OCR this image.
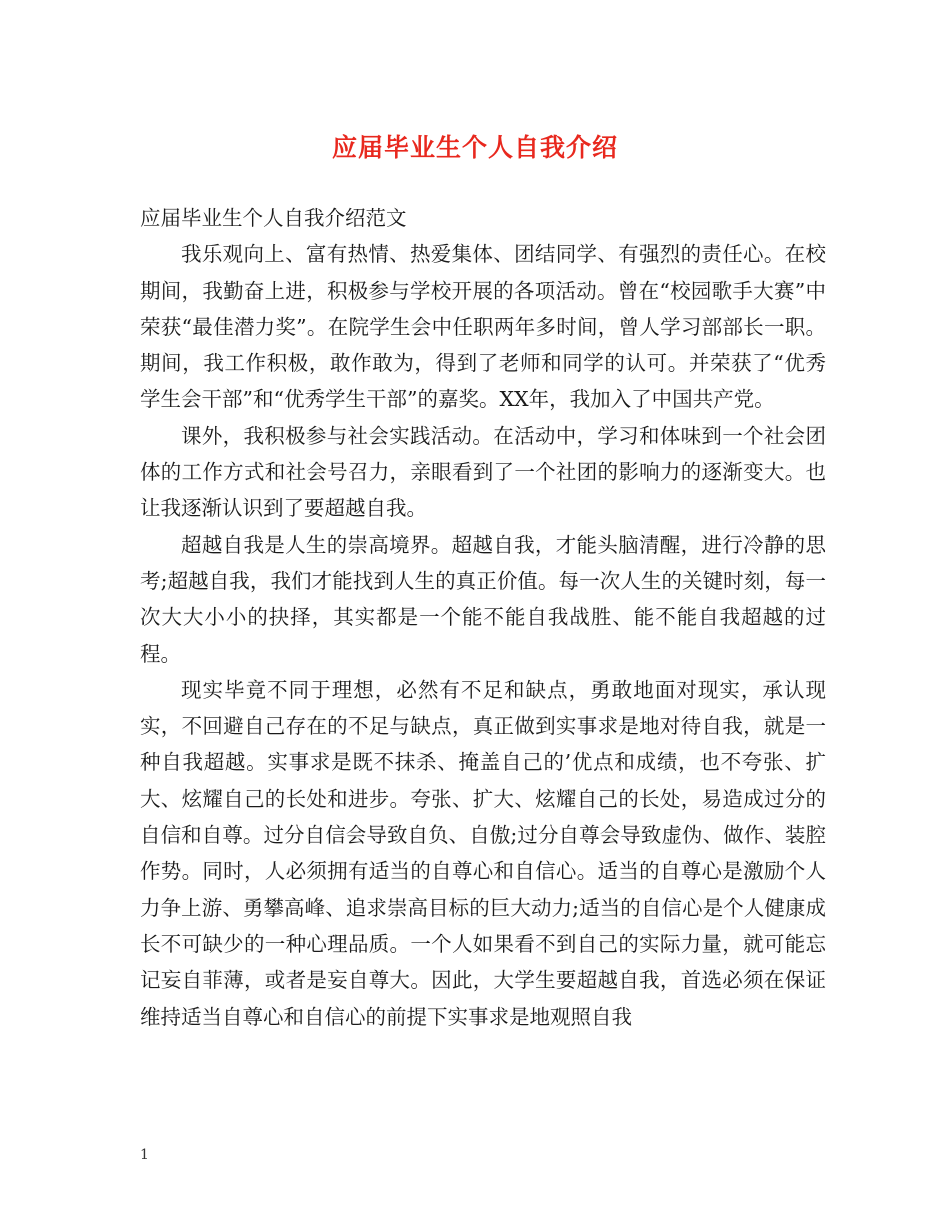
应届毕业生个人自我介绍

应届毕业生个人自我介绍范文

我乐观向上、富有热情、热爱集体、团结同学、有强烈的责任心。在校期间，我勤奋上进，积极参与学校开展的各项活动。曾在“校园歌手大赛”中荣获“最佳潜力奖”。在院学生会中任职两年多时间，曾人学习部部长一职。期间，我工作积极，敢作敢为，得到了老师和同学的认可。并荣获了“优秀学生会干部”和“优秀学生干部”的嘉奖。XX年，我加入了中国共产党。

课外，我积极参与社会实践活动。在活动中，学习和体味到一个社会团体的工作方式和社会号召力，亲眼看到了一个社团的影响力的逐渐变大。也让我逐渐认识到了要超越自我。

超越自我是人生的崇高境界。超越自我，才能头脑清醒，进行冷静的思考;超越自我，我们才能找到人生的真正价值。每一次人生的关键时刻，每一次大大小小的抉择，其实都是一个能不能自我战胜、能不能自我超越的过程。

现实毕竟不同于理想，必然有不足和缺点，勇敢地面对现实，承认现实，不回避自己存在的不足与缺点，真正做到实事求是地对待自我，就是一种自我超越。实事求是既不抹杀、掩盖自己的’优点和成绩，也不夸张、扩大、炫耀自己的长处和进步。夸张、扩大、炫耀自己的长处，易造成过分的自信和自尊。过分自信会导致自负、自傲;过分自尊会导致虚伪、做作、装腔作势。同时，人必须拥有适当的自尊心和自信心。适当的自尊心是激励个人力争上游、勇攀高峰、追求崇高目标的巨大动力;适当的自信心是个人健康成长不可缺少的一种心理品质。一个人如果看不到自己的实际力量，就可能忘记妄自菲薄，或者是妄自尊大。因此，大学生要超越自我，首选必须在保证维持适当自尊心和自信心的前提下实事求是地观照自我

1
